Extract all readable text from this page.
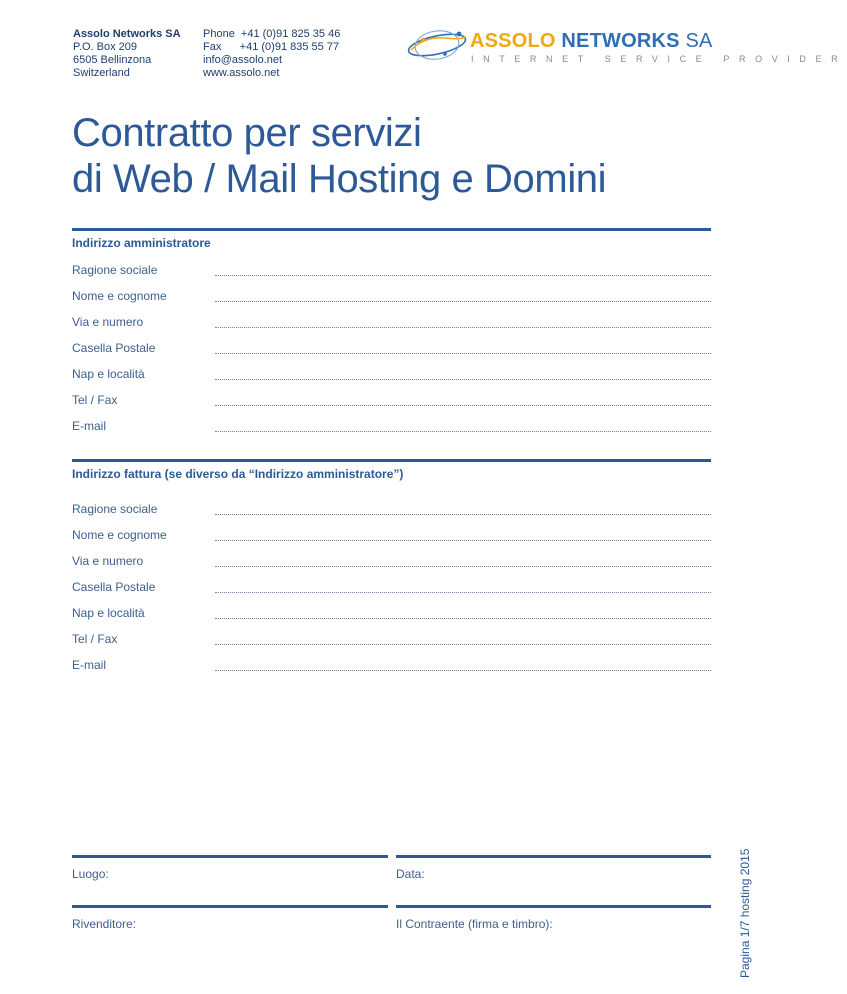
Assolo Networks SA
P.O. Box 209
6505 Bellinzona
Switzerland
Phone  +41 (0)91 825 35 46
Fax      +41 (0)91 835 55 77
info@assolo.net
www.assolo.net
ASSOLO NETWORKS SA
INTERNET SERVICE PROVIDER
Contratto per servizi
di Web / Mail Hosting e Domini
Indirizzo amministratore
Ragione sociale
Nome e cognome
Via e numero
Casella Postale
Nap e località
Tel / Fax
E-mail
Indirizzo fattura (se diverso da “Indirizzo amministratore”)
Ragione sociale
Nome e cognome
Via e numero
Casella Postale
Nap e località
Tel / Fax
E-mail
Luogo:	Data:
Rivenditore:	Il Contraente (firma e timbro):	Pagina 1/7 hosting 2015
